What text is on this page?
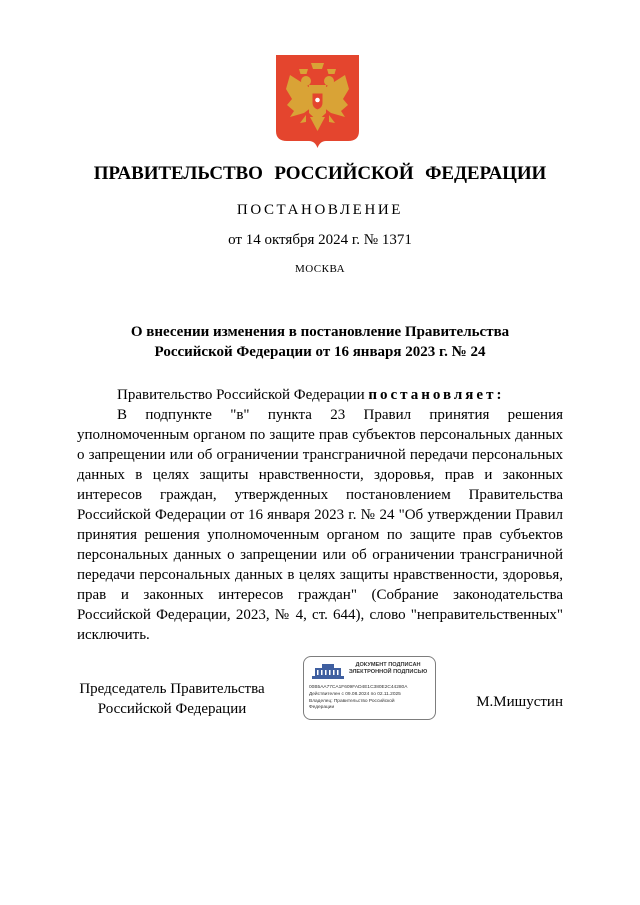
ПРАВИТЕЛЬСТВО РОССИЙСКОЙ ФЕДЕРАЦИИ
ПОСТАНОВЛЕНИЕ
от 14 октября 2024 г. № 1371
МОСКВА
О внесении изменения в постановление Правительства
Российской Федерации от 16 января 2023 г. № 24

Правительство Российской Федерации постановляет:

В подпункте "в" пункта 23 Правил принятия решения уполномоченным органом по защите прав субъектов персональных данных о запрещении или об ограничении трансграничной передачи персональных данных в целях защиты нравственности, здоровья, прав и законных интересов граждан, утвержденных постановлением Правительства Российской Федерации от 16 января 2023 г. № 24 "Об утверждении Правил принятия решения уполномоченным органом по защите прав субъектов персональных данных о запрещении или об ограничении трансграничной передачи персональных данных в целях защиты нравственности, здоровья, прав и законных интересов граждан" (Собрание законодательства Российской Федерации, 2023, № 4, ст. 644), слово "неправительственных" исключить.

Председатель Правительства
Российской Федерации
ДОКУМЕНТ ПОДПИСАН
ЭЛЕКТРОННОЙ ПОДПИСЬЮ
00B5AA77CA1F609FAD4E1C380E2C44280A
Действителен с 09.08.2024 по 02.11.2025
Владелец: Правительство Российской
Федерации	М.Мишустин
